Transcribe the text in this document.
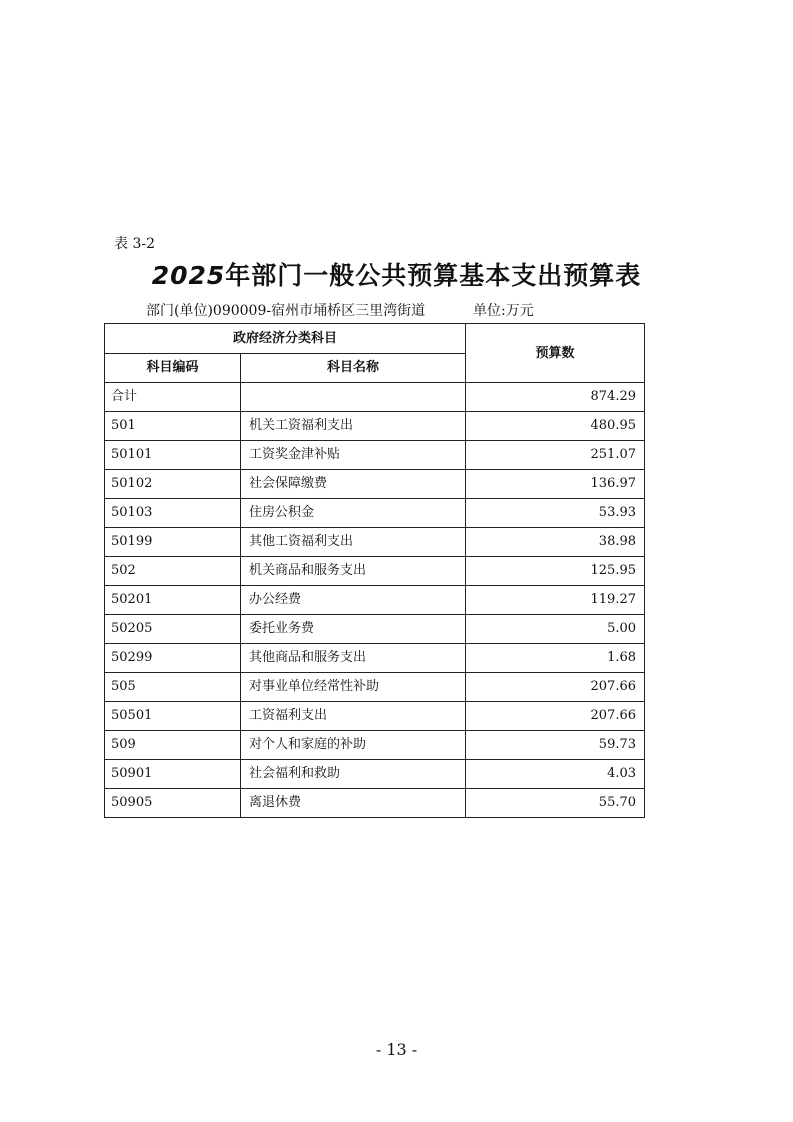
表 3-2
2025年部门一般公共预算基本支出预算表
部门(单位)090009-宿州市埇桥区三里湾街道	单位:万元
政府经济分类科目		预算数
科目编码	科目名称	
合计		874.29
501	机关工资福利支出	480.95
50101	工资奖金津补贴	251.07
50102	社会保障缴费	136.97
50103	住房公积金	53.93
50199	其他工资福利支出	38.98
502	机关商品和服务支出	125.95
50201	办公经费	119.27
50205	委托业务费	5.00
50299	其他商品和服务支出	1.68
505	对事业单位经常性补助	207.66
50501	工资福利支出	207.66
509	对个人和家庭的补助	59.73
50901	社会福利和救助	4.03
50905	离退休费	55.70
- 13 -
